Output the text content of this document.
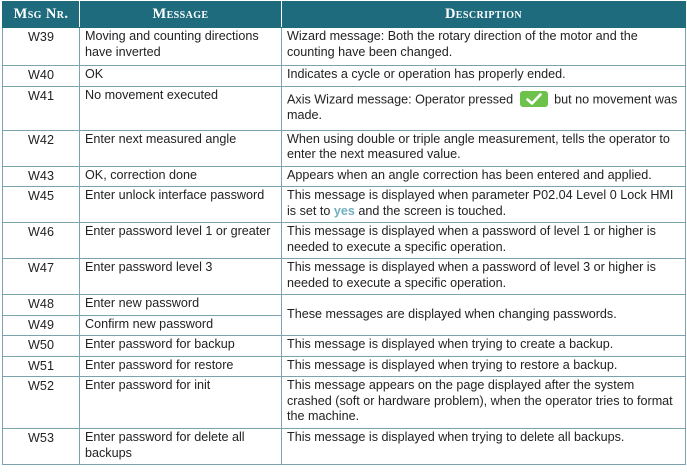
Msg Nr.	Message	Description
W39	Moving and counting directions have inverted	Wizard message: Both the rotary direction of the motor and the counting have been changed.
W40	OK	Indicates a cycle or operation has properly ended.
W41	No movement executed	Axis Wizard message: Operator pressed but no movement was made.
W42	Enter next measured angle	When using double or triple angle measurement, tells the operator to enter the next measured value.
W43	OK, correction done	Appears when an angle correction has been entered and applied.
W45	Enter unlock interface password	This message is displayed when parameter P02.04 Level 0 Lock HMI is set to yes and the screen is touched.
W46	Enter password level 1 or greater	This message is displayed when a password of level 1 or higher is needed to execute a specific operation.
W47	Enter password level 3	This message is displayed when a password of level 3 or higher is needed to execute a specific operation.
W48	Enter new password	These messages are displayed when changing passwords.
W49	Confirm new password	
W50	Enter password for backup	This message is displayed when trying to create a backup.
W51	Enter password for restore	This message is displayed when trying to restore a backup.
W52	Enter password for init	This message appears on the page displayed after the system crashed (soft or hardware problem), when the operator tries to format the machine.
W53	Enter password for delete all backups	This message is displayed when trying to delete all backups.
